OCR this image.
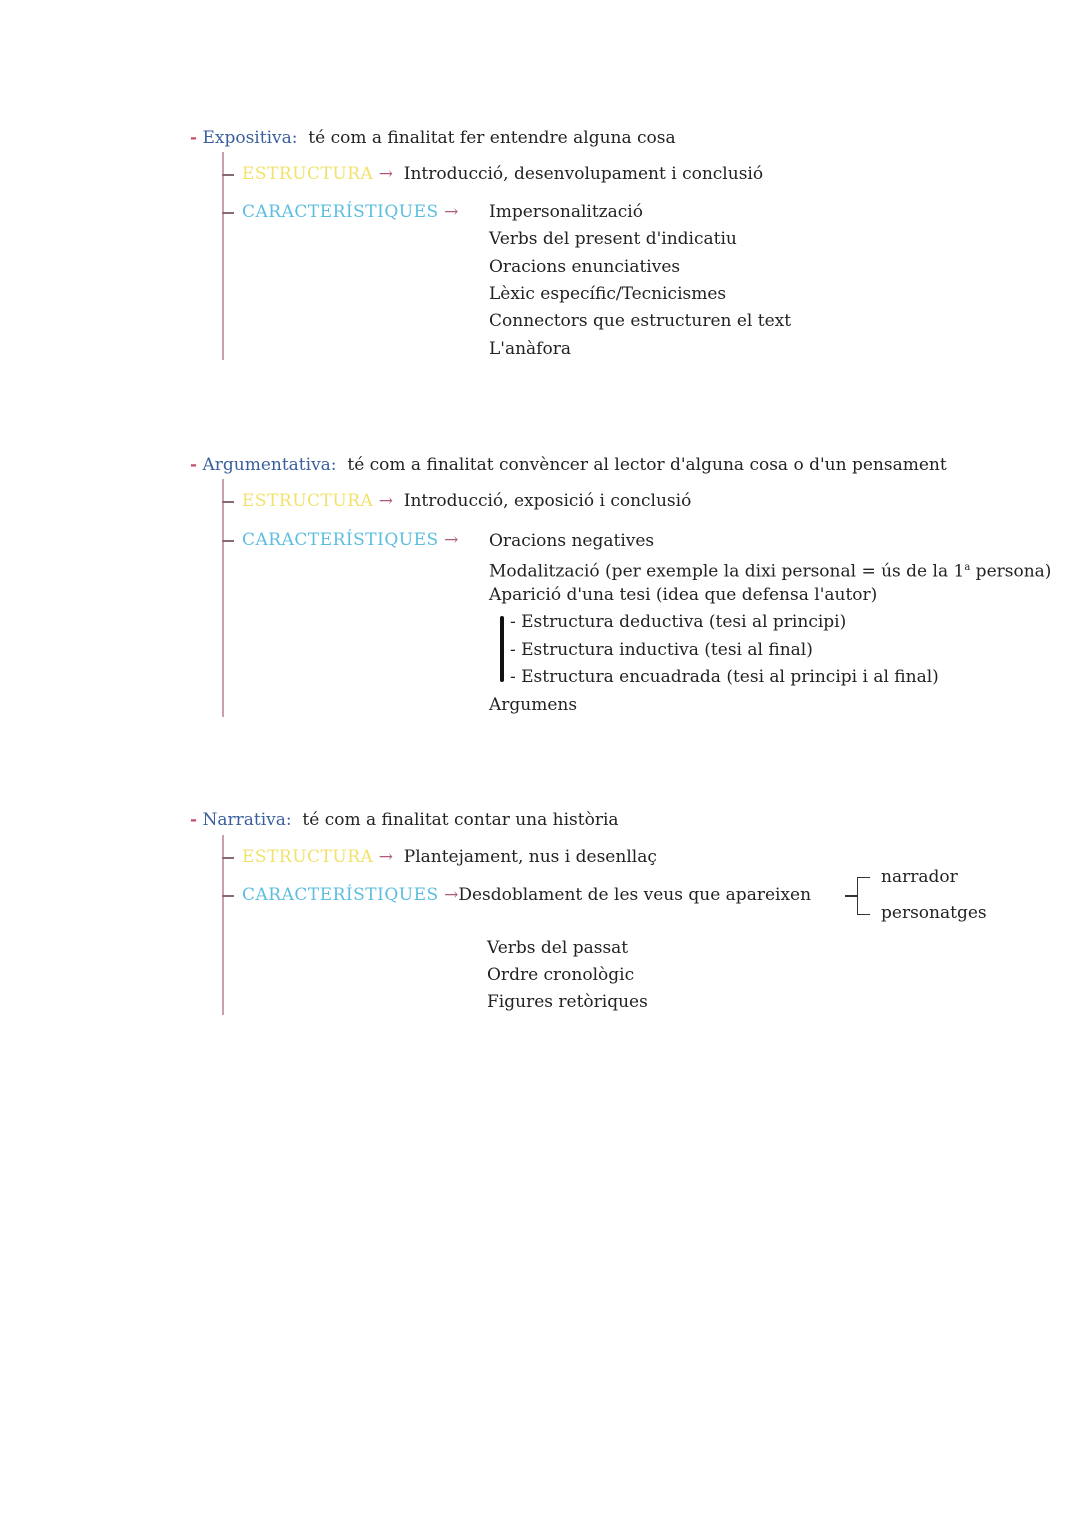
- Expositiva: té com a finalitat fer entendre alguna cosa
ESTRUCTURA → Introducció, desenvolupament i conclusió
CARACTERÍSTIQUES → Impersonalització
Verbs del present d'indicatiu
Oracions enunciatives
Lèxic específic/Tecnicismes
Connectors que estructuren el text
L'anàfora
- Argumentativa: té com a finalitat convèncer al lector d'alguna cosa o d'un pensament
ESTRUCTURA → Introducció, exposició i conclusió
CARACTERÍSTIQUES → Oracions negatives
Modalització (per exemple la dixi personal = ús de la 1$^a$ persona)
Aparició d'una tesi (idea que defensa l'autor)
- Estructura deductiva (tesi al principi)
- Estructura inductiva (tesi al final)
- Estructura encuadrada (tesi al principi i al final)
Argumens
- Narrativa: té com a finalitat contar una història
ESTRUCTURA → Plantejament, nus i desenllaç
CARACTERÍSTIQUES →Desdoblament de les veus que apareixen
narrador
personatges
Verbs del passat
Ordre cronològic
Figures retòriques
